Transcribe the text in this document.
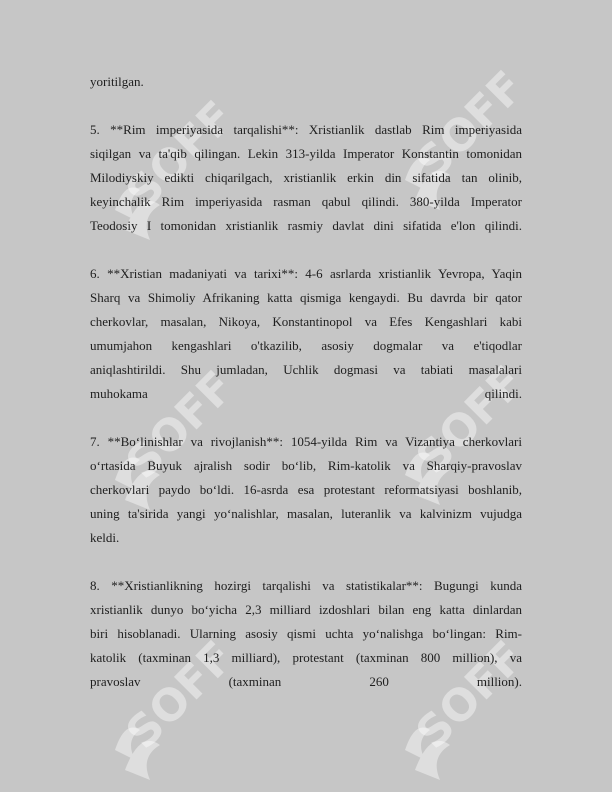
SOFF	SOFF
SOFF	SOFF
SOFF	SOFF

yoritilgan.

5. **Rim imperiyasida tarqalishi**: Xristianlik dastlab Rim imperiyasida
siqilgan va ta'qib qilingan. Lekin 313-yilda Imperator Konstantin tomonidan
Milodiyskiy edikti chiqarilgach, xristianlik erkin din sifatida tan olinib,
keyinchalik Rim imperiyasida rasman qabul qilindi. 380-yilda Imperator
Teodosiy I tomonidan xristianlik rasmiy davlat dini sifatida e'lon qilindi.

6. **Xristian madaniyati va tarixi**: 4-6 asrlarda xristianlik Yevropa, Yaqin
Sharq va Shimoliy Afrikaning katta qismiga kengaydi. Bu davrda bir qator
cherkovlar, masalan, Nikoya, Konstantinopol va Efes Kengashlari kabi
umumjahon kengashlari o'tkazilib, asosiy dogmalar va e'tiqodlar
aniqlashtirildi. Shu jumladan, Uchlik dogmasi va tabiati masalalari
muhokama qilindi.

7. **Bo‘linishlar va rivojlanish**: 1054-yilda Rim va Vizantiya cherkovlari
o‘rtasida Buyuk ajralish sodir bo‘lib, Rim-katolik va Sharqiy-pravoslav
cherkovlari paydo bo‘ldi. 16-asrda esa protestant reformatsiyasi boshlanib,
uning ta'sirida yangi yo‘nalishlar, masalan, luteranlik va kalvinizm vujudga
keldi.

8. **Xristianlikning hozirgi tarqalishi va statistikalar**: Bugungi kunda
xristianlik dunyo bo‘yicha 2,3 milliard izdoshlari bilan eng katta dinlardan
biri hisoblanadi. Ularning asosiy qismi uchta yo‘nalishga bo‘lingan: Rim-
katolik (taxminan 1,3 milliard), protestant (taxminan 800 million), va
pravoslav (taxminan 260 million).
